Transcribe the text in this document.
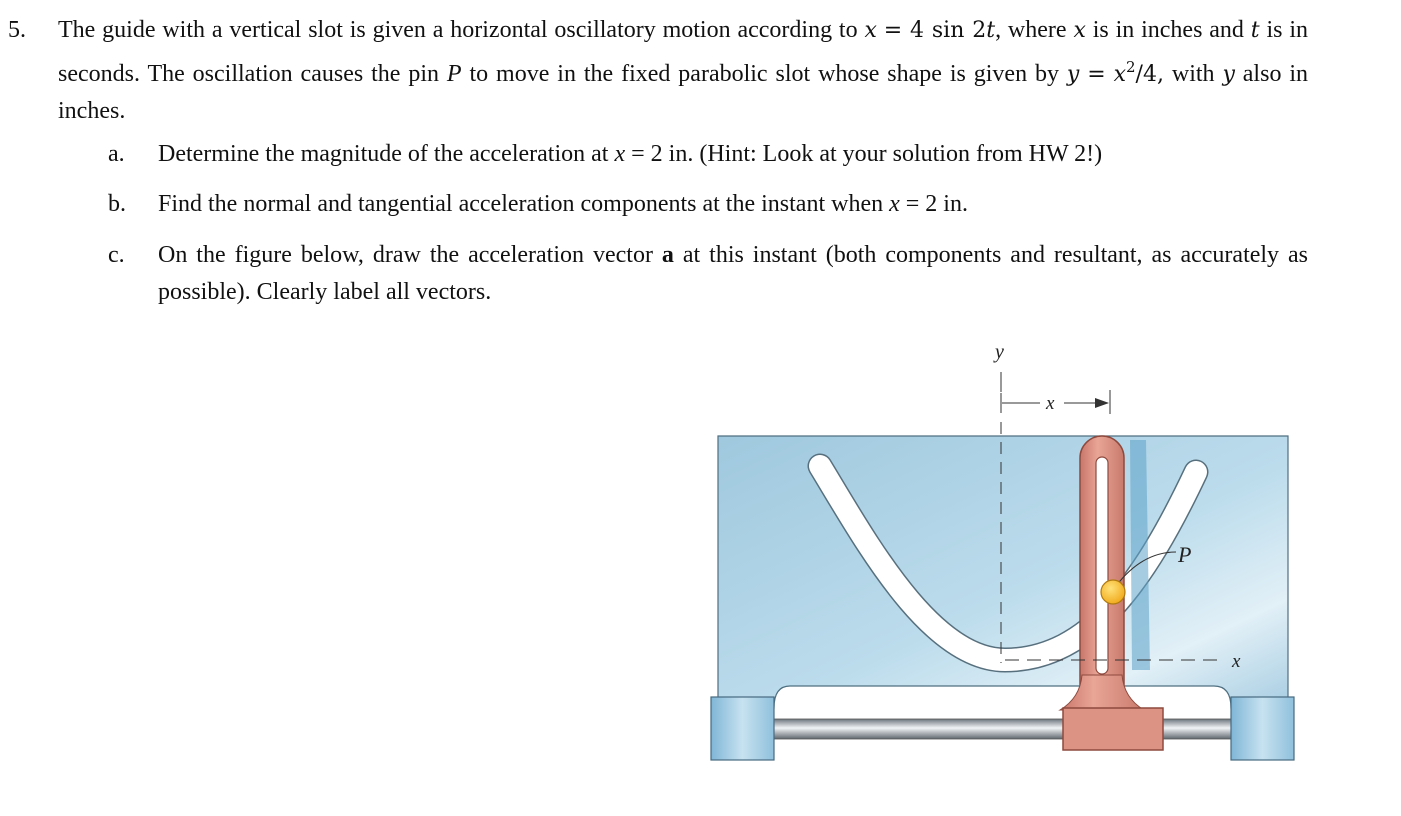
5. The guide with a vertical slot is given a horizontal oscillatory motion according to x = 4 sin 2t, where x is in inches and t is in seconds. The oscillation causes the pin P to move in the fixed parabolic slot whose shape is given by $y = x^2/4$, with y also in inches.
a. Determine the magnitude of the acceleration at x = 2 in. (Hint: Look at your solution from HW 2!)
b. Find the normal and tangential acceleration components at the instant when x = 2 in.
c. On the figure below, draw the acceleration vector a at this instant (both components and resultant, as accurately as possible). Clearly label all vectors.
y
x
x
P
